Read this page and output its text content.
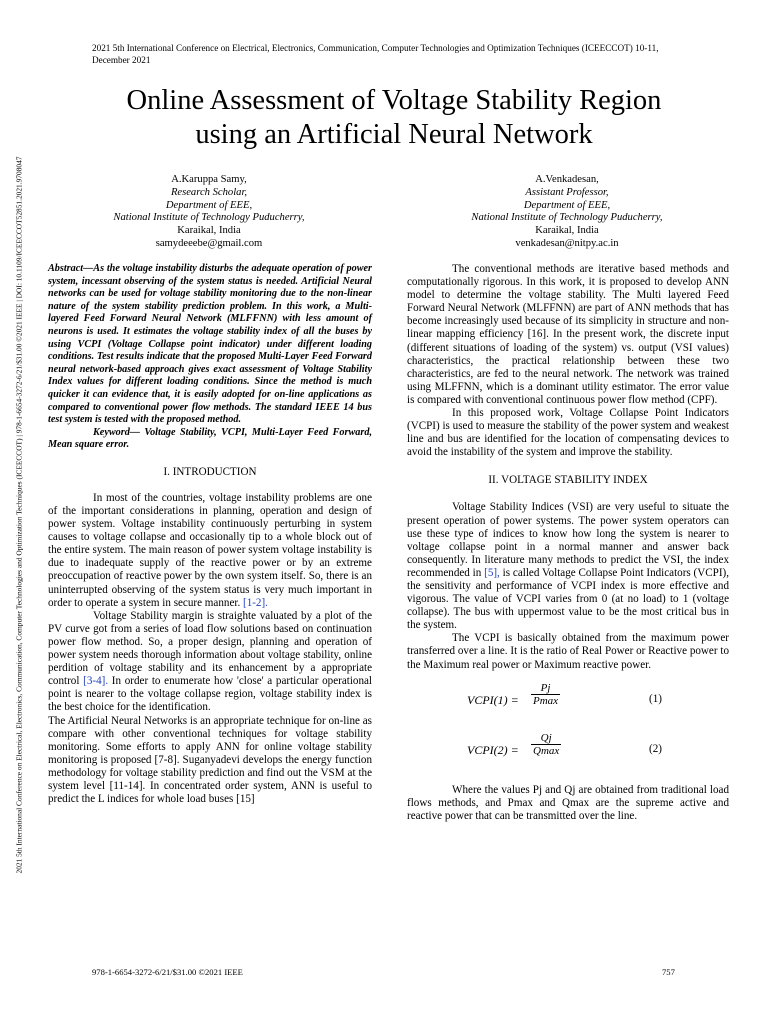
2021 5th International Conference on Electrical, Electronics, Communication, Computer Technologies and Optimization Techniques (ICEECCOT) | 978-1-6654-3272-6/21/$31.00 ©2021 IEEE | DOI: 10.1109/ICEECCOT52851.2021.9708047
2021 5th International Conference on Electrical, Electronics, Communication, Computer Technologies and Optimization Techniques (ICEECCOT) 10-11, December 2021
Online Assessment of Voltage Stability Region
using an Artificial Neural Network
A.Karuppa Samy,
Research Scholar,
Department of EEE,
National Institute of Technology Puducherry,
Karaikal, India
samydeeebe@gmail.com
A.Venkadesan,
Assistant Professor,
Department of EEE,
National Institute of Technology Puducherry,
Karaikal, India
venkadesan@nitpy.ac.in

Abstract—As the voltage instability disturbs the adequate operation of power system, incessant observing of the system status is needed. Artificial Neural networks can be used for voltage stability monitoring due to the non-linear nature of the system stability prediction problem. In this work, a Multi-layered Feed Forward Neural Network (MLFFNN) with less amount of neurons is used. It estimates the voltage stability index of all the buses by using VCPI (Voltage Collapse point indicator) under different loading conditions. Test results indicate that the proposed Multi-Layer Feed Forward neural network-based approach gives exact assessment of Voltage Stability Index values for different loading conditions. Since the method is much quicker it can evidence that, it is easily adopted for on-line applications as compared to conventional power flow methods. The standard IEEE 14 bus test system is tested with the proposed method.

Keyword— Voltage Stability, VCPI, Multi-Layer Feed Forward, Mean square error.

I. INTRODUCTION

In most of the countries, voltage instability problems are one of the important considerations in planning, operation and design of power system. Voltage instability continuously perturbing in system causes to voltage collapse and occasionally tip to a whole block out of the entire system. The main reason of power system voltage instability is due to inadequate supply of the reactive power or by an extreme preoccupation of reactive power by the own system itself. So, there is an uninterrupted observing of the system status is very much important in order to operate a system in secure manner. [1-2].

Voltage Stability margin is straighte valuated by a plot of the PV curve got from a series of load flow solutions based on continuation power flow method. So, a proper design, planning and operation of power system needs thorough information about voltage stability, online perdition of voltage stability and its enhancement by a appropriate control [3-4]. In order to enumerate how 'close' a particular operational point is nearer to the voltage collapse region, voltage stability index is the best choice for the identification.

The Artificial Neural Networks is an appropriate technique for on-line as compare with other conventional techniques for voltage stability monitoring. Some efforts to apply ANN for online voltage stability monitoring is proposed [7-8]. Suganyadevi develops the energy function methodology for voltage stability prediction and find out the VSM at the system level [11-14]. In concentrated order system, ANN is useful to predict the L indices for whole load buses [15]

The conventional methods are iterative based methods and computationally rigorous. In this work, it is proposed to develop ANN model to determine the voltage stability. The Multi layered Feed Forward Neural Network (MLFFNN) are part of ANN methods that has become increasingly used because of its simplicity in structure and non-linear mapping efficiency [16]. In the present work, the discrete input (different situations of loading of the system) vs. output (VSI values) characteristics, the practical relationship between these two characteristics, are fed to the neural network. The network was trained using MLFFNN, which is a dominant utility estimator. The error value is compared with conventional continuous power flow method (CPF).

In this proposed work, Voltage Collapse Point Indicators (VCPI) is used to measure the stability of the power system and weakest line and bus are identified for the location of compensating devices to avoid the instability of the system and improve the stability.

II. VOLTAGE STABILITY INDEX

Voltage Stability Indices (VSI) are very useful to situate the present operation of power systems. The power system operators can use these type of indices to know how long the system is nearer to voltage collapse point in a normal manner and answer back consequently. In literature many methods to predict the VSI, the index recommended in [5], is called Voltage Collapse Point Indicators (VCPI), the sensitivity and performance of VCPI index is more effective and vigorous. The value of VCPI varies from 0 (at no load) to 1 (voltage collapse). The bus with uppermost value to be the most critical bus in the system.

The VCPI is basically obtained from the maximum power transferred over a line. It is the ratio of Real Power or Reactive power to the Maximum real power or Maximum reactive power.

VCPI(1) =
Pj
Pmax	(1)
VCPI(2) =
Qj
Qmax	(2)

Where the values Pj and Qj are obtained from traditional load flows methods, and Pmax and Qmax are the supreme active and reactive power that can be transmitted over the line.

978-1-6654-3272-6/21/$31.00 ©2021 IEEE	757
